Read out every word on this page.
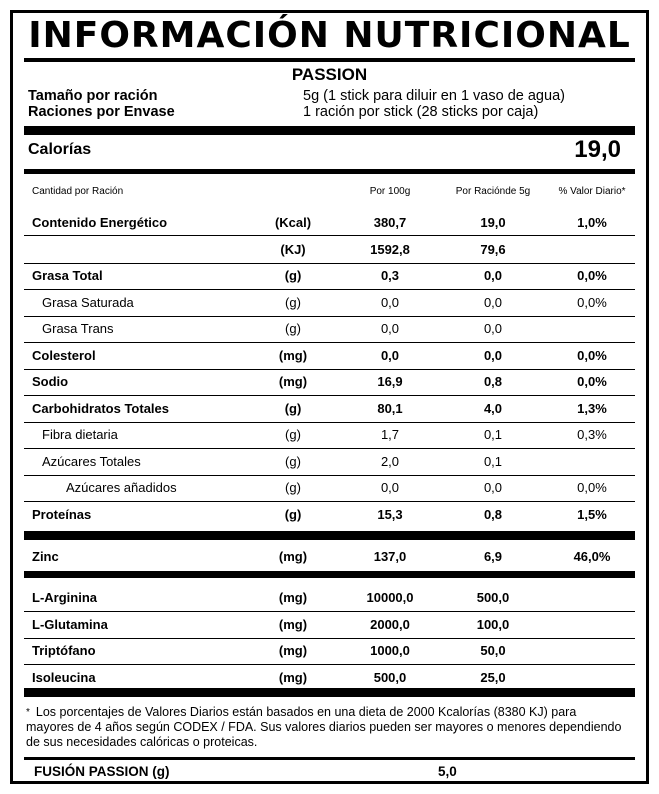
INFORMACIÓN NUTRICIONAL
PASSION
Tamaño por ración	5g (1 stick para diluir en 1 vaso de agua)
Raciones por Envase	1 ración por stick (28 sticks por caja)
Calorías	19,0
Cantidad por Ración	Por 100g	Por Raciónde 5g	% Valor Diario*
Contenido Energético	(Kcal)	380,7	19,0	1,0%
(KJ)	1592,8	79,6
Grasa Total	(g)	0,3	0,0	0,0%
Grasa Saturada	(g)	0,0	0,0	0,0%
Grasa Trans	(g)	0,0	0,0
Colesterol	(mg)	0,0	0,0	0,0%
Sodio	(mg)	16,9	0,8	0,0%
Carbohidratos Totales	(g)	80,1	4,0	1,3%
Fibra dietaria	(g)	1,7	0,1	0,3%
Azúcares Totales	(g)	2,0	0,1
Azúcares añadidos	(g)	0,0	0,0	0,0%
Proteínas	(g)	15,3	0,8	1,5%
Zinc	(mg)	137,0	6,9	46,0%
L-Arginina	(mg)	10000,0	500,0
L-Glutamina	(mg)	2000,0	100,0
Triptófano	(mg)	1000,0	50,0
Isoleucina	(mg)	500,0	25,0
* Los porcentajes de Valores Diarios están basados en una dieta de 2000 Kcalorías (8380 KJ) para mayores de 4 años según CODEX / FDA. Sus valores diarios pueden ser mayores o menores dependiendo de sus necesidades calóricas o proteicas.
FUSIÓN PASSION (g)	5,0
